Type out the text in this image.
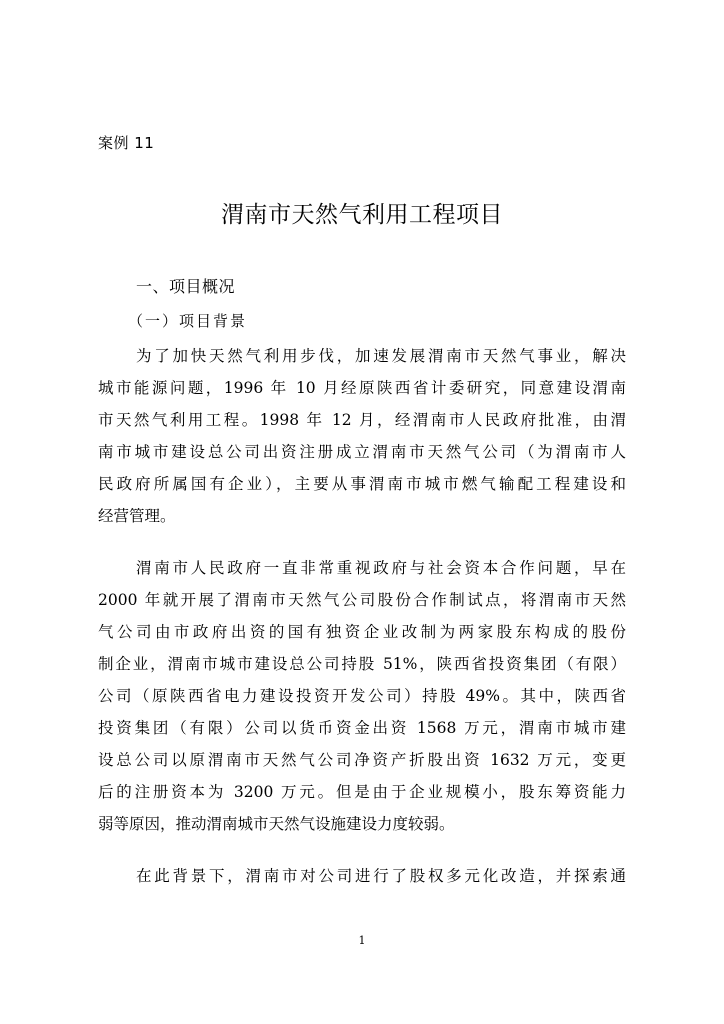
案例 11
渭南市天然气利用工程项目
一、项目概况
（一）项目背景
为了加快天然气利用步伐，加速发展渭南市天然气事业，解决
城市能源问题，1996 年 10 月经原陕西省计委研究，同意建设渭南
市天然气利用工程。1998 年 12 月，经渭南市人民政府批准，由渭
南市城市建设总公司出资注册成立渭南市天然气公司（为渭南市人
民政府所属国有企业），主要从事渭南市城市燃气输配工程建设和
经营管理。
渭南市人民政府一直非常重视政府与社会资本合作问题，早在
2000 年就开展了渭南市天然气公司股份合作制试点，将渭南市天然
气公司由市政府出资的国有独资企业改制为两家股东构成的股份
制企业，渭南市城市建设总公司持股 51%，陕西省投资集团（有限）
公司（原陕西省电力建设投资开发公司）持股 49%。其中，陕西省
投资集团（有限）公司以货币资金出资 1568 万元，渭南市城市建
设总公司以原渭南市天然气公司净资产折股出资 1632 万元，变更
后的注册资本为 3200 万元。但是由于企业规模小，股东筹资能力
弱等原因，推动渭南城市天然气设施建设力度较弱。
在此背景下，渭南市对公司进行了股权多元化改造，并探索通
1
